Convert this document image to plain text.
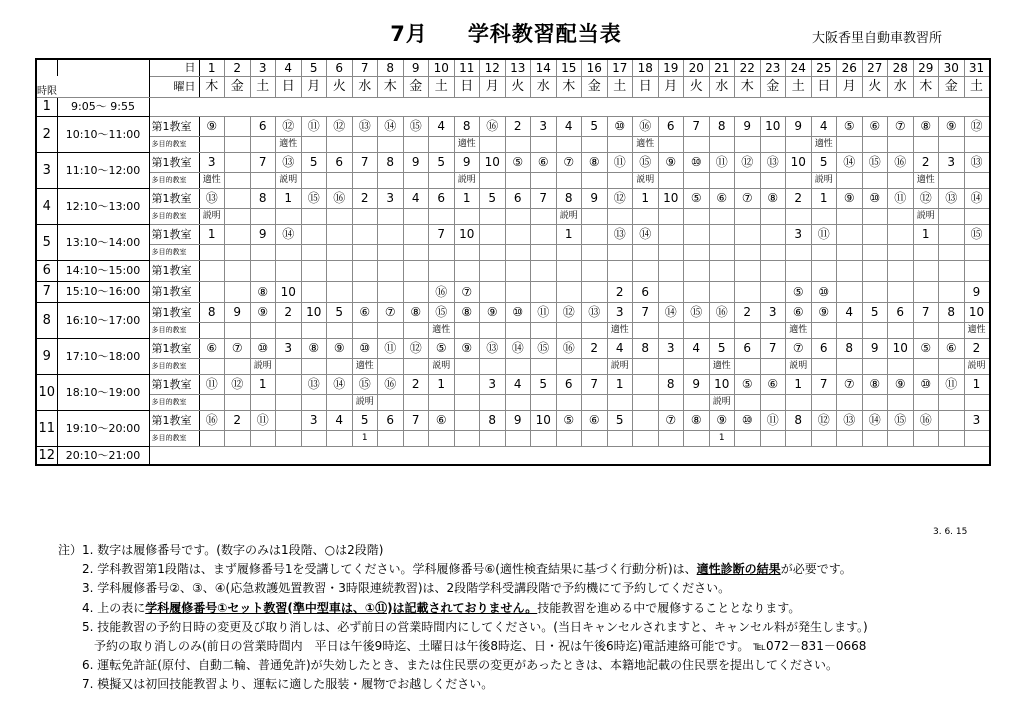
7月 学科教習配当表	大阪香里自動車教習所
		日	1	2	3	4	5	6	7	8	9	10	11	12	13	14	15	16	17	18	19	20	21	22	23	24	25	26	27	28	29	30	31
時限		曜日	木	金	土	日	月	火	水	木	金	土	日	月	火	水	木	金	土	日	月	火	水	木	金	土	日	月	火	水	木	金	土
1	9:05～ 9:55																																
2	10:10～11:00	第1教室	⑨		6	⑫	⑪	⑫	⑬	⑭	⑮	4	8	⑯	2	3	4	5	⑩	⑯	6	7	8	9	10	9	4	⑤	⑥	⑦	⑧	⑨	⑫
		多目的教室				適性							適性							適性							適性						
3	11:10～12:00	第1教室	3		7	⑬	5	6	7	8	9	5	9	10	⑤	⑥	⑦	⑧	⑪	⑮	⑨	⑩	⑪	⑫	⑬	10	5	⑭	⑮	⑯	2	3	⑬
		多目的教室	適性			説明							説明							説明							説明				適性		
4	12:10～13:00	第1教室	⑬		8	1	⑮	⑯	2	3	4	6	1	5	6	7	8	9	⑫	1	10	⑤	⑥	⑦	⑧	2	1	⑨	⑩	⑪	⑫	⑬	⑭
		多目的教室	説明														説明														説明		
5	13:10～14:00	第1教室	1		9	⑭						7	10				1		⑬	⑭						3	⑪				1		⑮
		多目的教室																															
6	14:10～15:00	第1教室																															
7	15:10～16:00	第1教室			⑧	10						⑯	⑦						2	6						⑤	⑩						9
8	16:10～17:00	第1教室	8	9	⑨	2	10	5	⑥	⑦	⑧	⑮	⑧	⑨	⑩	⑪	⑫	⑬	3	7	⑭	⑮	⑯	2	3	⑥	⑨	4	5	6	7	8	10
		多目的教室										適性							適性							適性							適性
9	17:10～18:00	第1教室	⑥	⑦	⑩	3	⑧	⑨	⑩	⑪	⑫	⑤	⑨	⑬	⑭	⑮	⑯	2	4	8	3	4	5	6	7	⑦	6	8	9	10	⑤	⑥	2
		多目的教室			説明				適性			説明							説明				適性			説明							説明
10	18:10～19:00	第1教室	⑪	⑫	1		⑬	⑭	⑮	⑯	2	1		3	4	5	6	7	1		8	9	10	⑤	⑥	1	7	⑦	⑧	⑨	⑩	⑪	1
		多目的教室							説明														説明										
11	19:10～20:00	第1教室	⑯	2	⑪		3	4	5	6	7	⑥		8	9	10	⑤	⑥	5		⑦	⑧	⑨	⑩	⑪	8	⑫	⑬	⑭	⑮	⑯		3
		多目的教室							1														1										
12	20:10～21:00																																
3. 6. 15
注）1. 数字は履修番号です。(数字のみは1段階、○は2段階)
　　2. 学科教習第1段階は、まず履修番号1を受講してください。学科履修番号⑥(適性検査結果に基づく行動分析)は、適性診断の結果が必要です。
　　3. 学科履修番号②、③、④(応急救護処置教習・3時限連続教習)は、2段階学科受講段階で予約機にて予約してください。
　　4. 上の表に学科履修番号①セット教習(準中型車は、①⑪)は記載されておりません。技能教習を進める中で履修することとなります。
　　5. 技能教習の予約日時の変更及び取り消しは、必ず前日の営業時間内にしてください。(当日キャンセルされますと、キャンセル料が発生します。)
　　　予約の取り消しのみ(前日の営業時間内　平日は午後9時迄、土曜日は午後8時迄、日・祝は午後6時迄)電話連絡可能です。 ℡072－831－0668
　　6. 運転免許証(原付、自動二輪、普通免許)が失効したとき、または住民票の変更があったときは、本籍地記載の住民票を提出してください。
　　7. 模擬又は初回技能教習より、運転に適した服装・履物でお越しください。
